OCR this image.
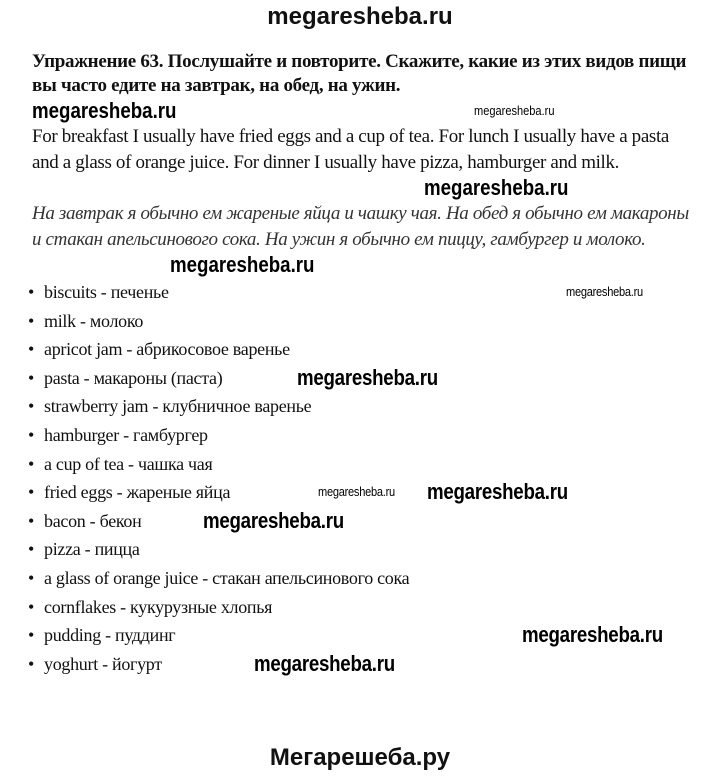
megaresheba.ru
Упражнение 63. Послушайте и повторите. Скажите, какие из этих видов пищи вы часто едите на завтрак, на обед, на ужин.
megaresheba.ru	megaresheba.ru
For breakfast I usually have fried eggs and a cup of tea. For lunch I usually have a pasta and a glass of orange juice. For dinner I usually have pizza, hamburger and milk.
megaresheba.ru
На завтрак я обычно ем жареные яйца и чашку чая. На обед я обычно ем макароны и стакан апельсинового сока. На ужин я обычно ем пиццу, гамбургер и молоко.
megaresheba.ru
• biscuits - печенье	megaresheba.ru
• milk - молоко
• apricot jam - абрикосовое варенье
• pasta - макароны (паста)	megaresheba.ru
• strawberry jam - клубничное варенье
• hamburger - гамбургер
• a cup of tea - чашка чая
• fried eggs - жареные яйца	megaresheba.ru megaresheba.ru
• bacon - бекон	megaresheba.ru
• pizza - пицца
• a glass of orange juice - стакан апельсинового сока
• cornflakes - кукурузные хлопья
• pudding - пуддинг	megaresheba.ru
• yoghurt - йогурт	megaresheba.ru
Мегарешеба.ру
